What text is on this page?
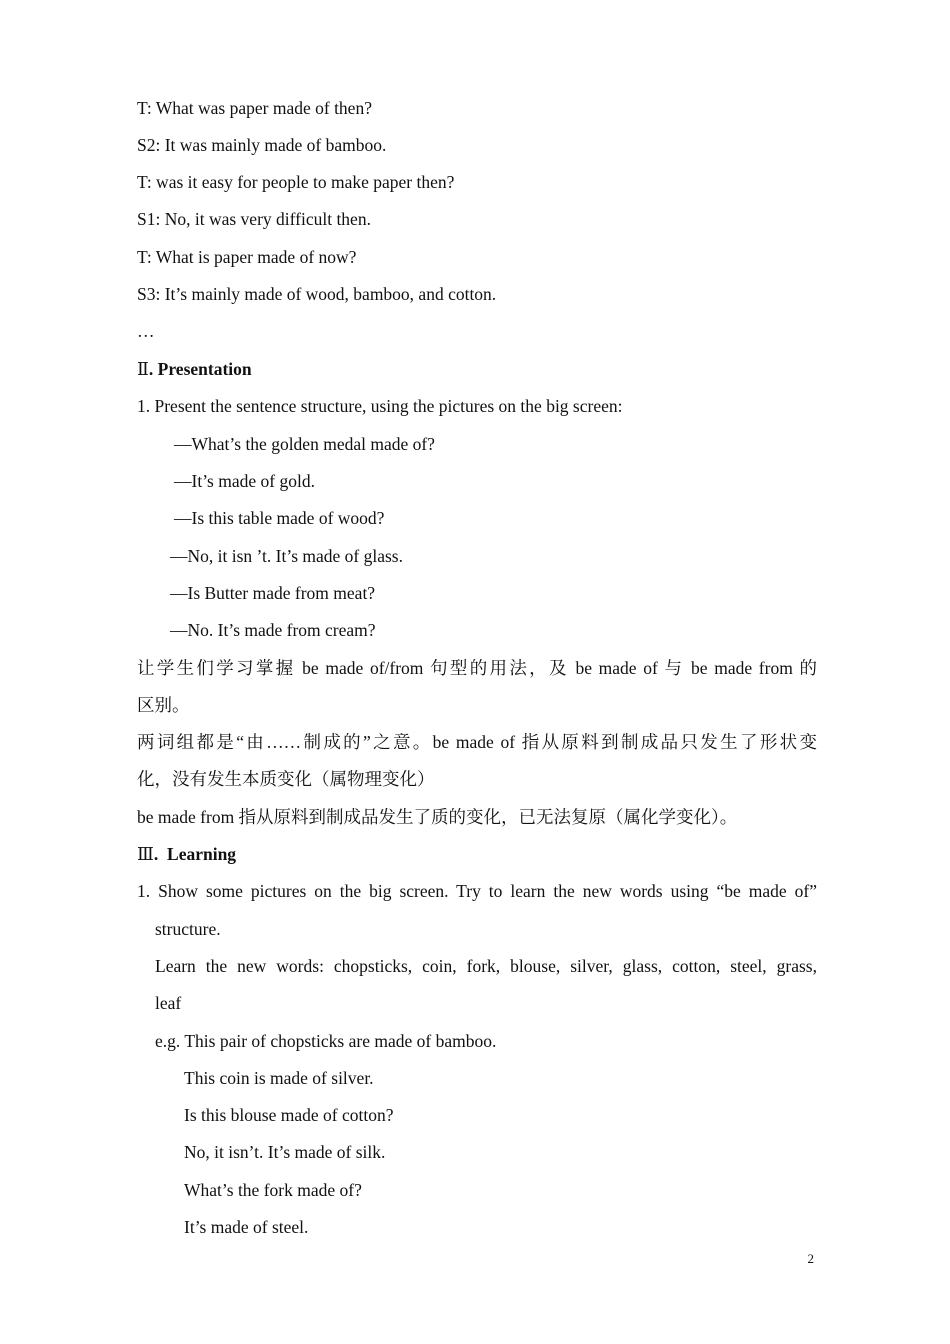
T: What was paper made of then?
S2: It was mainly made of bamboo.
T: was it easy for people to make paper then?
S1: No, it was very difficult then.
T: What is paper made of now?
S3: It’s mainly made of wood, bamboo, and cotton.
…
Ⅱ. Presentation
1. Present the sentence structure, using the pictures on the big screen:
—What’s the golden medal made of?
—It’s made of gold.
—Is this table made of wood?
—No, it isn ’t. It’s made of glass.
—Is Butter made from meat?
—No. It’s made from cream?
让学生们学习掌握 be made of/from 句型的用法，及 be made of 与 be made from 的
区别。
两词组都是“由……制成的”之意。be made of 指从原料到制成品只发生了形状变
化，没有发生本质变化（属物理变化）
be made from 指从原料到制成品发生了质的变化，已无法复原（属化学变化）。
Ⅲ.  Learning
1. Show some pictures on the big screen. Try to learn the new words using “be made of”
structure.
Learn the new words: chopsticks, coin, fork, blouse, silver, glass, cotton, steel, grass,
leaf
e.g. This pair of chopsticks are made of bamboo.
This coin is made of silver.
Is this blouse made of cotton?
No, it isn’t. It’s made of silk.
What’s the fork made of?
It’s made of steel.
2
